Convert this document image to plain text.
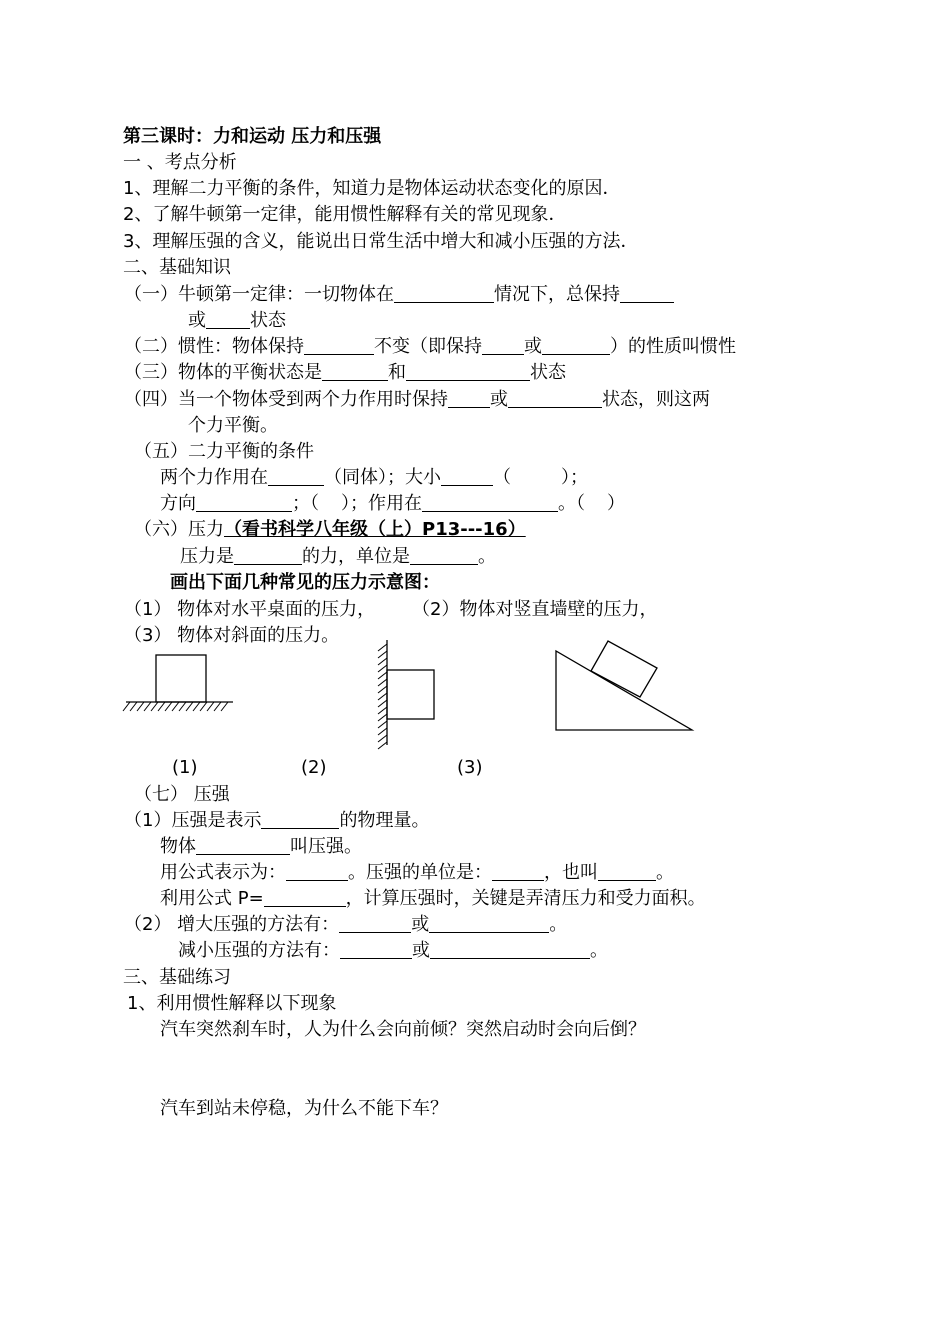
第三课时：力和运动 压力和压强
一 、考点分析
1、理解二力平衡的条件，知道力是物体运动状态变化的原因．
2、了解牛顿第一定律，能用惯性解释有关的常见现象．
3、理解压强的含义，能说出日常生活中增大和减小压强的方法．
二、基础知识
（一）牛顿第一定律：一切物体在	情况下，总保持
或 状态
（二）惯性：物体保持	不变（即保持 或	）的性质叫惯性
（三）物体的平衡状态是	和	状态
（四）当一个物体受到两个力作用时保持 或	状态，则这两
个力平衡。
（五）二力平衡的条件
两个力作用在	（同体）；大小	（	）；
方向	；（ ）；作用在	。（ ）
（六）压力（看书科学八年级（上）P13---16）
压力是	的力，单位是	。
画出下面几种常见的压力示意图：
（1） 物体对水平桌面的压力， （2）物体对竖直墙壁的压力，
（3） 物体对斜面的压力。
(1)	(2)	(3)
（七） 压强
（1）压强是表示	的物理量。
物体	叫压强。
用公式表示为：	。压强的单位是：	，也叫	。
利用公式 P=	，计算压强时，关键是弄清压力和受力面积。
（2） 增大压强的方法有：	或	。
减小压强的方法有：	或	。
三、基础练习
1、利用惯性解释以下现象
汽车突然刹车时，人为什么会向前倾？突然启动时会向后倒？
汽车到站未停稳，为什么不能下车？
